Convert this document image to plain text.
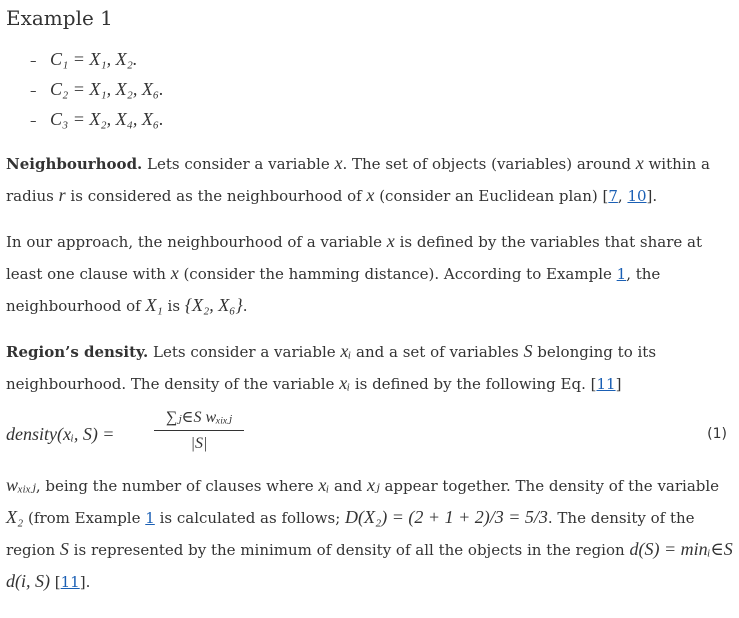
Example 1
– C₁ = X₁, X₂.
– C₂ = X₁, X₂, X₆.
– C₃ = X₂, X₄, X₆.

Neighbourhood. Lets consider a variable x. The set of objects (variables) around x within a radius r is considered as the neighbourhood of x (consider an Euclidean plan) [7, 10].

In our approach, the neighbourhood of a variable x is defined by the variables that share at least one clause with x (consider the hamming distance). According to Example 1, the neighbourhood of X₁ is {X₂, X₆}.

Region’s density. Lets consider a variable xᵢ and a set of variables S belonging to its neighbourhood. The density of the variable xᵢ is defined by the following Eq. [11]

density(xᵢ, S) =
∑ⱼ∈S wₓᵢₓⱼ
|S|
(1)

wₓᵢₓⱼ, being the number of clauses where xᵢ and xⱼ appear together. The density of the variable X₂ (from Example 1 is calculated as follows; D(X₂) = (2 + 1 + 2)/3 = 5/3. The density of the region S is represented by the minimum of density of all the objects in the region d(S) = minᵢ∈S d(i, S) [11].
